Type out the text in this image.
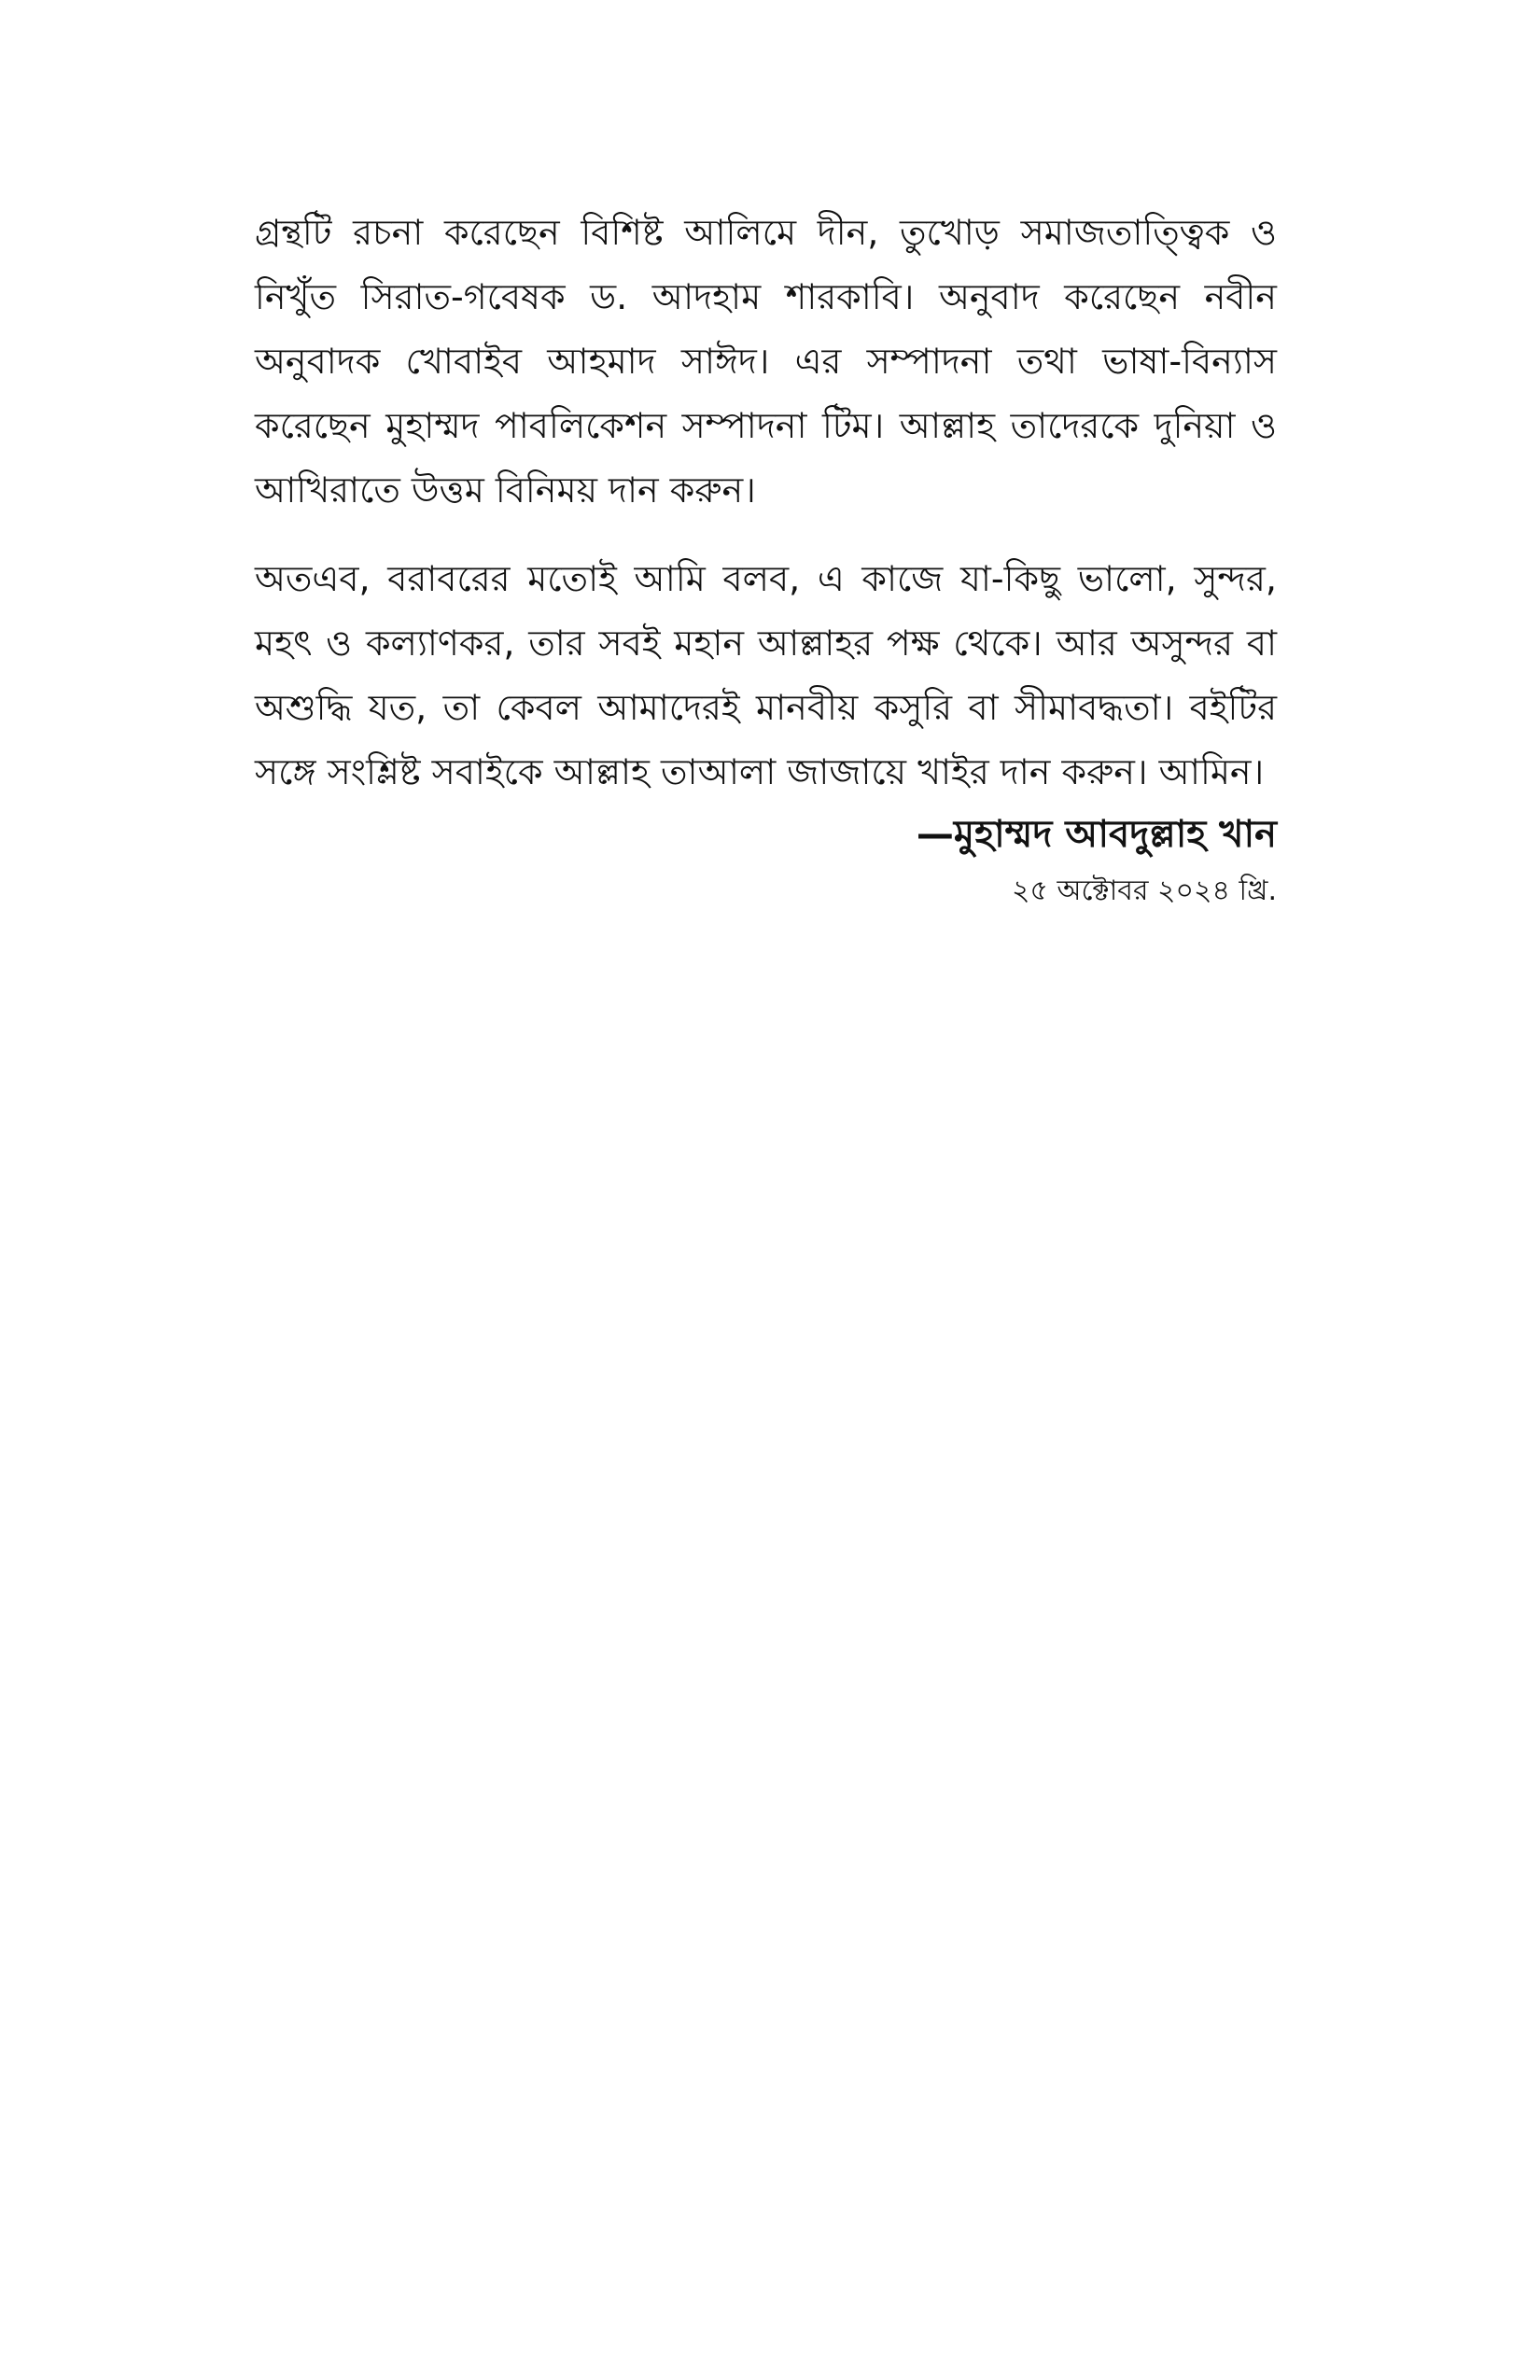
গ্রন্থটি রচনা করেছেন বিশিষ্ট আলিমে দীন, তুখোড় সমাজতাত্ত্বিক ও নিখুঁত সিরাত-গবেষক ড. আদহাম শারকাবি। অনুবাদ করেছেন নবীন অনুবাদক খোবাইব আহমাদ সাঈদ। এর সম্পাদনা তথা ভাষা-বিন্যাস করেছেন মুহাম্মদ পাবলিকেশন সম্পাদনা টিম। আল্লাহ তাদেরকে দুনিয়া ও আখিরাতে উত্তম বিনিময় দান করুন।

অতএব, বরাবরের মতোই আমি বলব, এ কাজে যা-কিছু ভালো, সুন্দর, মহৎ ও কল্যাণকর, তার সবই মহান আল্লাহর পক্ষ থেকে। আর অসুন্দর বা অশুদ্ধি যত, তা কেবল আমাদেরই মানবীয় কসুরি বা সীমাবদ্ধতা। বইটির সঙ্গে সংশ্লিষ্ট সবাইকে আল্লাহ তাআলা জাজায়ে খাইর দান করুন। আমিন।

—মুহাম্মদ আবদুল্লাহ খান
২৫ অক্টোবর ২০২৪ খ্রি.
